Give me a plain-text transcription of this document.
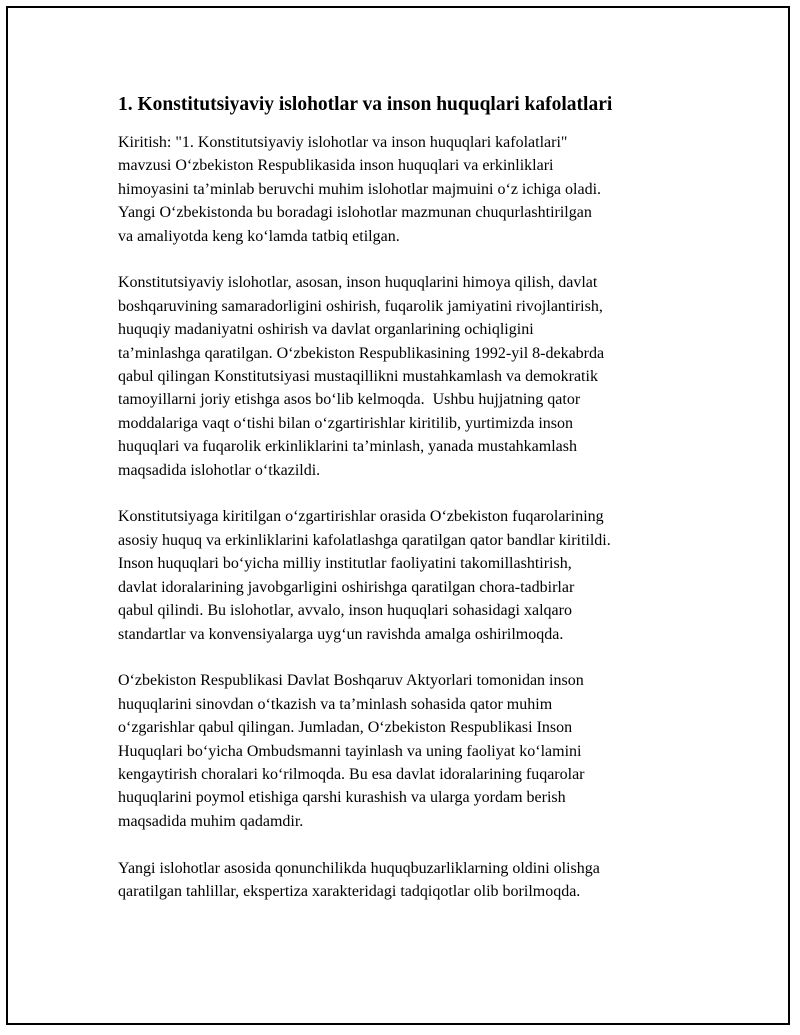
1. Konstitutsiyaviy islohotlar va inson huquqlari kafolatlari
Kiritish: "1. Konstitutsiyaviy islohotlar va inson huquqlari kafolatlari"
mavzusi O‘zbekiston Respublikasida inson huquqlari va erkinliklari
himoyasini ta’minlab beruvchi muhim islohotlar majmuini o‘z ichiga oladi.
Yangi O‘zbekistonda bu boradagi islohotlar mazmunan chuqurlashtirilgan
va amaliyotda keng ko‘lamda tatbiq etilgan.
Konstitutsiyaviy islohotlar, asosan, inson huquqlarini himoya qilish, davlat
boshqaruvining samaradorligini oshirish, fuqarolik jamiyatini rivojlantirish,
huquqiy madaniyatni oshirish va davlat organlarining ochiqligini
ta’minlashga qaratilgan. O‘zbekiston Respublikasining 1992-yil 8-dekabrda
qabul qilingan Konstitutsiyasi mustaqillikni mustahkamlash va demokratik
tamoyillarni joriy etishga asos bo‘lib kelmoqda.  Ushbu hujjatning qator
moddalariga vaqt o‘tishi bilan o‘zgartirishlar kiritilib, yurtimizda inson
huquqlari va fuqarolik erkinliklarini ta’minlash, yanada mustahkamlash
maqsadida islohotlar o‘tkazildi.
Konstitutsiyaga kiritilgan o‘zgartirishlar orasida O‘zbekiston fuqarolarining
asosiy huquq va erkinliklarini kafolatlashga qaratilgan qator bandlar kiritildi.
Inson huquqlari bo‘yicha milliy institutlar faoliyatini takomillashtirish,
davlat idoralarining javobgarligini oshirishga qaratilgan chora-tadbirlar
qabul qilindi. Bu islohotlar, avvalo, inson huquqlari sohasidagi xalqaro
standartlar va konvensiyalarga uyg‘un ravishda amalga oshirilmoqda.
O‘zbekiston Respublikasi Davlat Boshqaruv Aktyorlari tomonidan inson
huquqlarini sinovdan o‘tkazish va ta’minlash sohasida qator muhim
o‘zgarishlar qabul qilingan. Jumladan, O‘zbekiston Respublikasi Inson
Huquqlari bo‘yicha Ombudsmanni tayinlash va uning faoliyat ko‘lamini
kengaytirish choralari ko‘rilmoqda. Bu esa davlat idoralarining fuqarolar
huquqlarini poymol etishiga qarshi kurashish va ularga yordam berish
maqsadida muhim qadamdir.
Yangi islohotlar asosida qonunchilikda huquqbuzarliklarning oldini olishga
qaratilgan tahlillar, ekspertiza xarakteridagi tadqiqotlar olib borilmoqda.
